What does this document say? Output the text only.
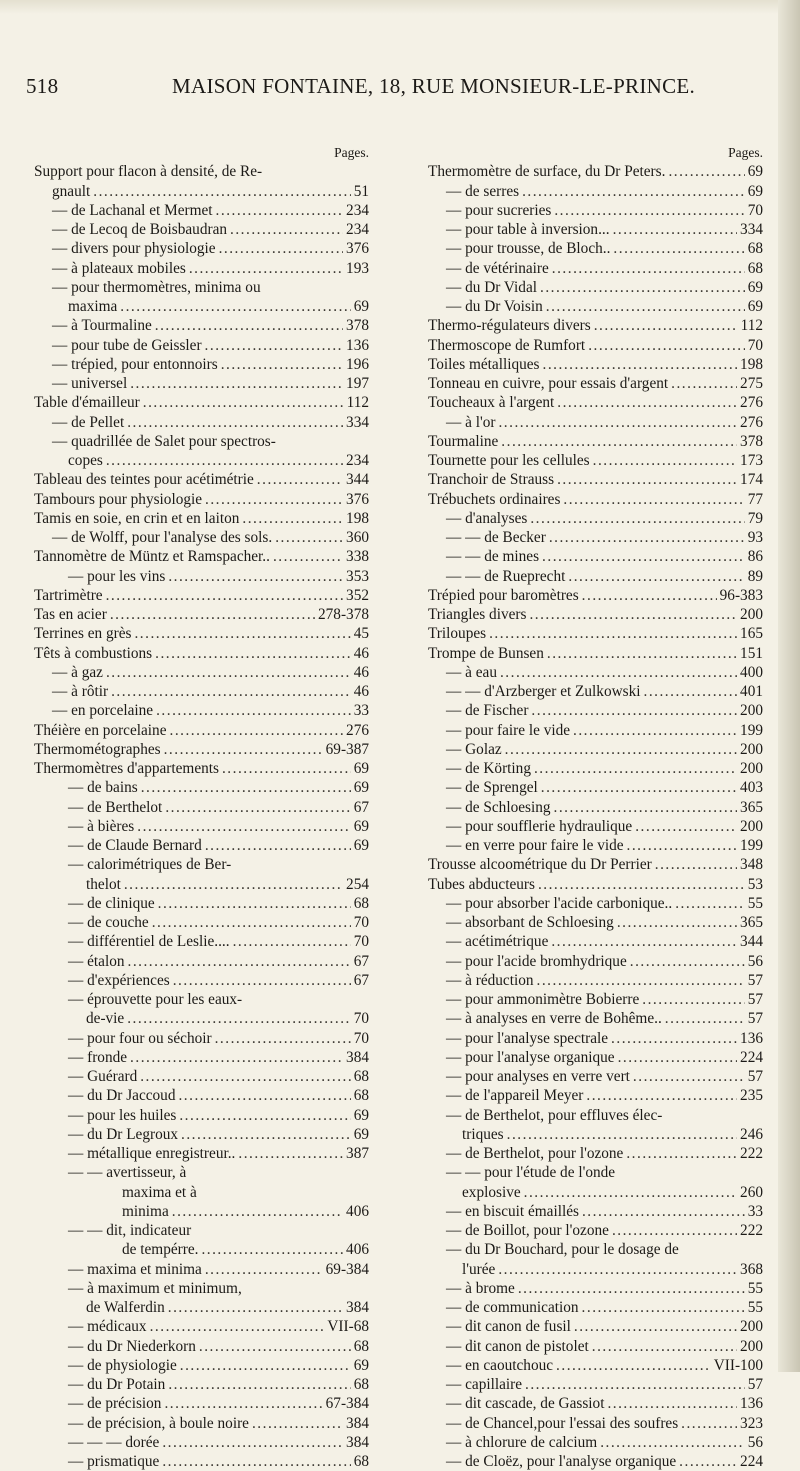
518	MAISON FONTAINE, 18, RUE MONSIEUR-LE-PRINCE.
Pages.
Support pour flacon à densité, de Re-
gnault .....	51
— de Lachanal et Mermet .....	234
— de Lecoq de Boisbaudran .....	234
— divers pour physiologie .....	376
— à plateaux mobiles .....	193
— pour thermomètres, minima ou
maxima .....	69
— à Tourmaline .....	378
— pour tube de Geissler .....	136
— trépied, pour entonnoirs .....	196
— universel .....	197
Table d'émailleur .....	112
— de Pellet .....	334
— quadrillée de Salet pour spectros-
copes .....	234
Tableau des teintes pour acétimétrie .....	344
Tambours pour physiologie .....	376
Tamis en soie, en crin et en laiton .....	198
— de Wolff, pour l'analyse des sols. .....	360
Tannomètre de Müntz et Ramspacher.. .....	338
— pour les vins .....	353
Tartrimètre .....	352
Tas en acier .....	278-378
Terrines en grès .....	45
Têts à combustions .....	46
— à gaz .....	46
— à rôtir .....	46
— en porcelaine .....	33
Théière en porcelaine .....	276
Thermométographes .....	69-387
Thermomètres d'appartements .....	69
— de bains .....	69
— de Berthelot .....	67
— à bières .....	69
— de Claude Bernard .....	69
— calorimétriques de Ber-
thelot .....	254
— de clinique .....	68
— de couche .....	70
— différentiel de Leslie.... .....	70
— étalon .....	67
— d'expériences .....	67
— éprouvette pour les eaux-
de-vie .....	70
— pour four ou séchoir .....	70
— fronde .....	384
— Guérard .....	68
— du Dr Jaccoud .....	68
— pour les huiles .....	69
— du Dr Legroux .....	69
— métallique enregistreur.. .....	387
— — avertisseur, à
maxima et à
minima .....	406
— — dit, indicateur
de tempérre. .....	406
— maxima et minima .....	69-384
— à maximum et minimum,
de Walferdin .....	384
— médicaux .....	VII-68
— du Dr Niederkorn .....	68
— de physiologie .....	69
— du Dr Potain .....	68
— de précision .....	67-384
— de précision, à boule noire .....	384
— — — dorée .....	384
— prismatique .....	68
Pages.
Thermomètre de surface, du Dr Peters. .....	69
— de serres .....	69
— pour sucreries .....	70
— pour table à inversion... .....	334
— pour trousse, de Bloch.. .....	68
— de vétérinaire .....	68
— du Dr Vidal .....	69
— du Dr Voisin .....	69
Thermo-régulateurs divers .....	112
Thermoscope de Rumfort .....	70
Toiles métalliques .....	198
Tonneau en cuivre, pour essais d'argent .....	275
Toucheaux à l'argent .....	276
— à l'or .....	276
Tourmaline .....	378
Tournette pour les cellules .....	173
Tranchoir de Strauss .....	174
Trébuchets ordinaires .....	77
— d'analyses .....	79
— — de Becker .....	93
— — de mines .....	86
— — de Rueprecht .....	89
Trépied pour baromètres .....	96-383
Triangles divers .....	200
Triloupes .....	165
Trompe de Bunsen .....	151
— à eau .....	400
— — d'Arzberger et Zulkowski .....	401
— de Fischer .....	200
— pour faire le vide .....	199
— Golaz .....	200
— de Körting .....	200
— de Sprengel .....	403
— de Schloesing .....	365
— pour soufflerie hydraulique .....	200
— en verre pour faire le vide .....	199
Trousse alcoométrique du Dr Perrier .....	348
Tubes abducteurs .....	53
— pour absorber l'acide carbonique.. .....	55
— absorbant de Schloesing .....	365
— acétimétrique .....	344
— pour l'acide bromhydrique .....	56
— à réduction .....	57
— pour ammonimètre Bobierre .....	57
— à analyses en verre de Bohême.. .....	57
— pour l'analyse spectrale .....	136
— pour l'analyse organique .....	224
— pour analyses en verre vert .....	57
— de l'appareil Meyer .....	235
— de Berthelot, pour effluves élec-
triques .....	246
— de Berthelot, pour l'ozone .....	222
— — pour l'étude de l'onde
explosive .....	260
— en biscuit émaillés .....	33
— de Boillot, pour l'ozone .....	222
— du Dr Bouchard, pour le dosage de
l'urée .....	368
— à brome .....	55
— de communication .....	55
— dit canon de fusil .....	200
— dit canon de pistolet .....	200
— en caoutchouc .....	VII-100
— capillaire .....	57
— dit cascade, de Gassiot .....	136
— de Chancel,pour l'essai des soufres .....	323
— à chlorure de calcium .....	56
— de Cloëz, pour l'analyse organique .....	224
